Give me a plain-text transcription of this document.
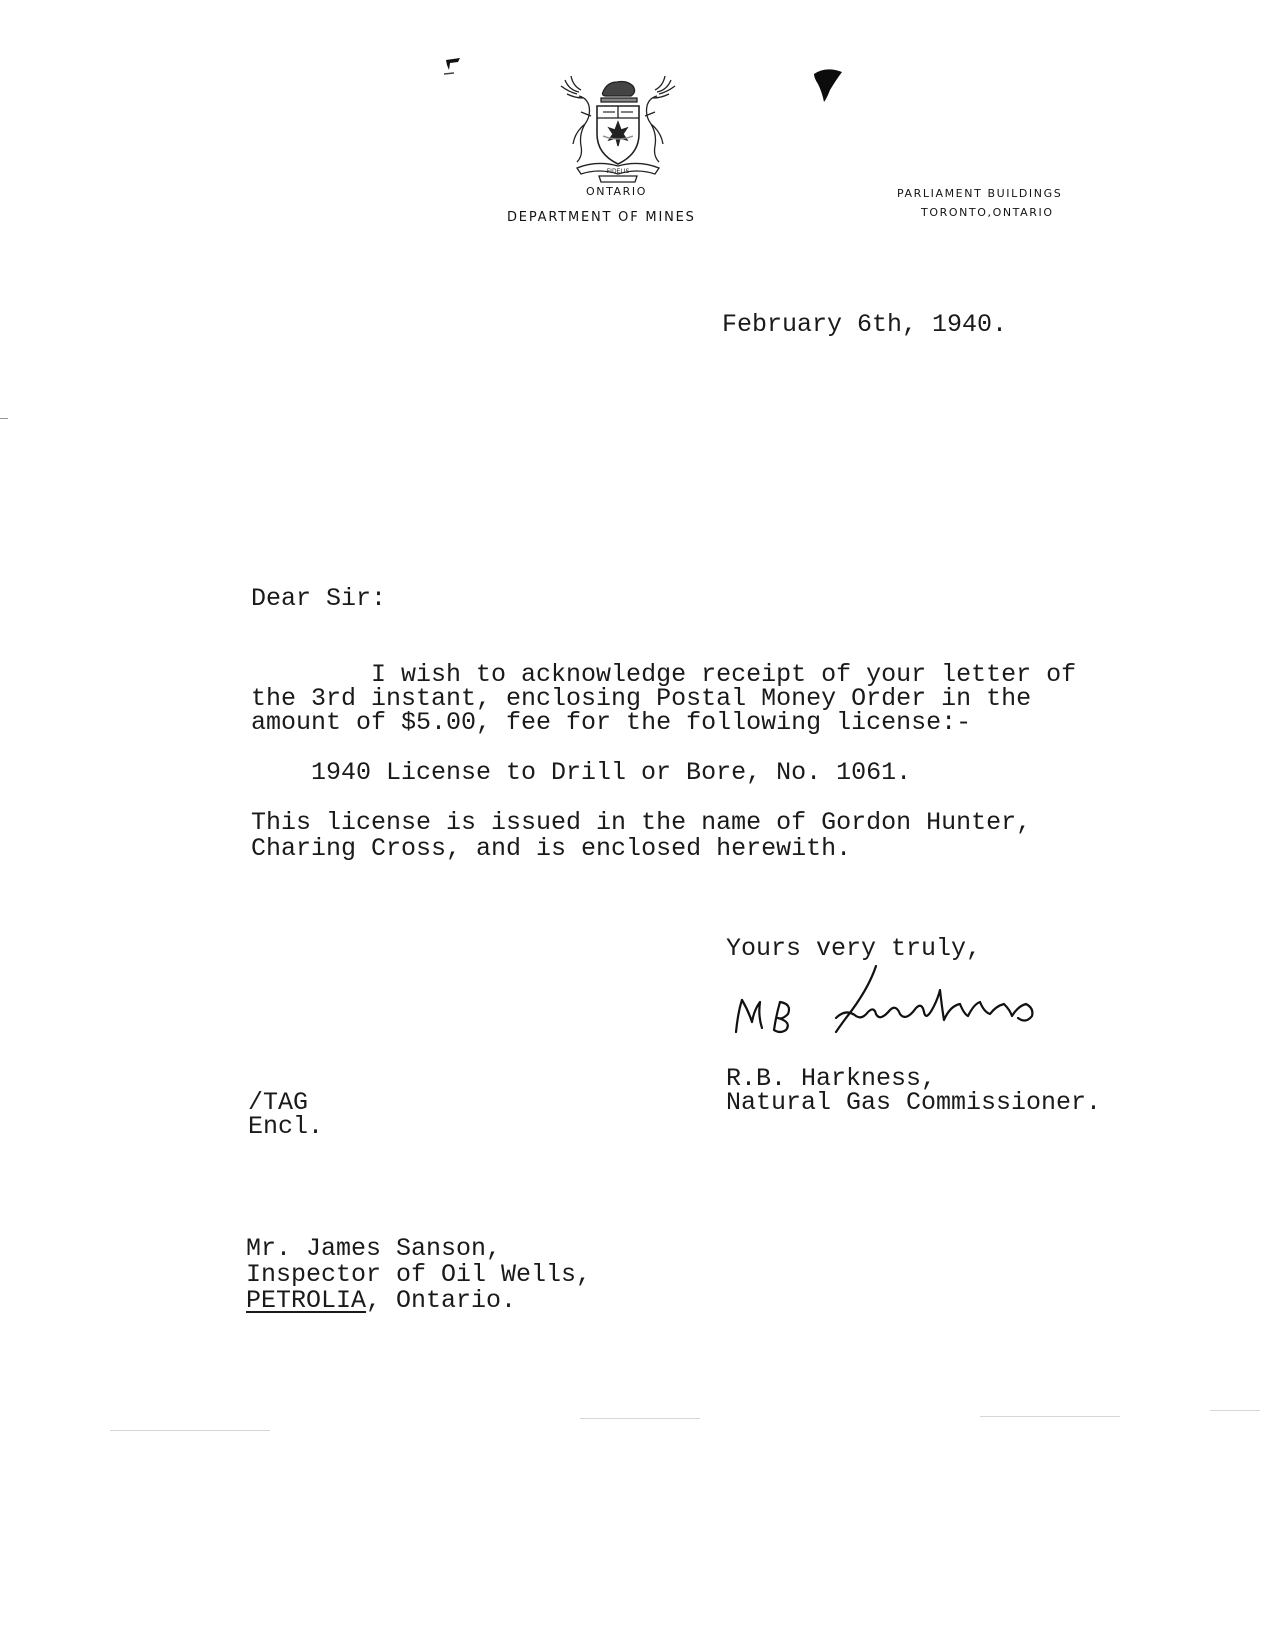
FIDELIS
ONTARIO
DEPARTMENT OF MINES
PARLIAMENT BUILDINGS
TORONTO,ONTARIO
February 6th, 1940.
Dear Sir:
I wish to acknowledge receipt of your letter of
the 3rd instant, enclosing Postal Money Order in the
amount of $5.00, fee for the following license:-
1940 License to Drill or Bore, No. 1061.
This license is issued in the name of Gordon Hunter,
Charing Cross, and is enclosed herewith.
Yours very truly,
R.B. Harkness,
Natural Gas Commissioner.
/TAG
Encl.
Mr. James Sanson,
Inspector of Oil Wells,
PETROLIA, Ontario.
